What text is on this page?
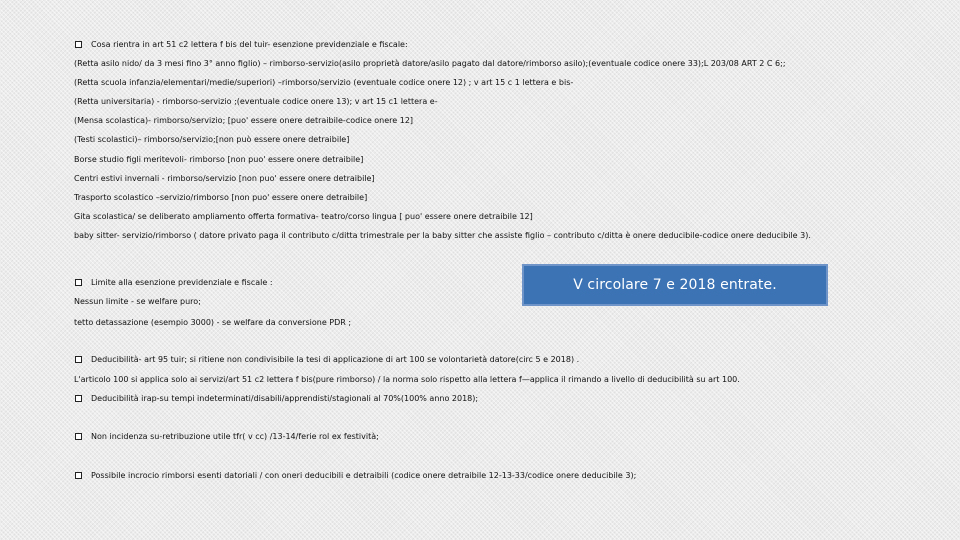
Cosa rientra in art 51 c2 lettera f bis del tuir- esenzione previdenziale e fiscale:
(Retta asilo nido/ da 3 mesi fino 3° anno figlio) – rimborso-servizio(asilo proprietà datore/asilo pagato dal datore/rimborso asilo);(eventuale codice onere 33);L 203/08 ART 2 C 6;;
(Retta scuola infanzia/elementari/medie/superiori) –rimborso/servizio (eventuale codice onere 12) ; v art 15 c 1 lettera e bis-
(Retta universitaria) - rimborso-servizio ;(eventuale codice onere 13); v art 15 c1 lettera e-
(Mensa scolastica)- rimborso/servizio; [puo' essere onere detraibile-codice onere 12]
(Testi scolastici)– rimborso/servizio;[non può essere onere detraibile]
Borse studio figli meritevoli- rimborso [non puo' essere onere detraibile]
Centri estivi invernali - rimborso/servizio [non puo' essere onere detraibile]
Trasporto scolastico –servizio/rimborso [non puo' essere onere detraibile]
Gita scolastica/ se deliberato ampliamento offerta formativa- teatro/corso lingua [ puo' essere onere detraibile 12]
baby sitter- servizio/rimborso ( datore privato paga il contributo c/ditta trimestrale per la baby sitter che assiste figlio – contributo c/ditta è onere deducibile-codice onere deducibile 3).
Limite alla esenzione previdenziale e fiscale :
Nessun limite - se welfare puro;
tetto detassazione (esempio 3000) - se welfare da conversione PDR ;
Deducibilità- art 95 tuir; si ritiene non condivisibile la tesi di applicazione di art 100 se volontarietà datore(circ 5 e 2018) .
L'articolo 100 si applica solo ai servizi/art 51 c2 lettera f bis(pure rimborso) / la norma solo rispetto alla lettera f—applica il rimando a livello di deducibilità su art 100.
Deducibilità irap-su tempi indeterminati/disabili/apprendisti/stagionali al 70%(100% anno 2018);
Non incidenza su-retribuzione utile tfr( v cc) /13-14/ferie rol ex festività;
Possibile incrocio rimborsi esenti datoriali / con oneri deducibili e detraibili (codice onere detraibile 12-13-33/codice onere deducibile 3);
V circolare 7 e 2018 entrate.
